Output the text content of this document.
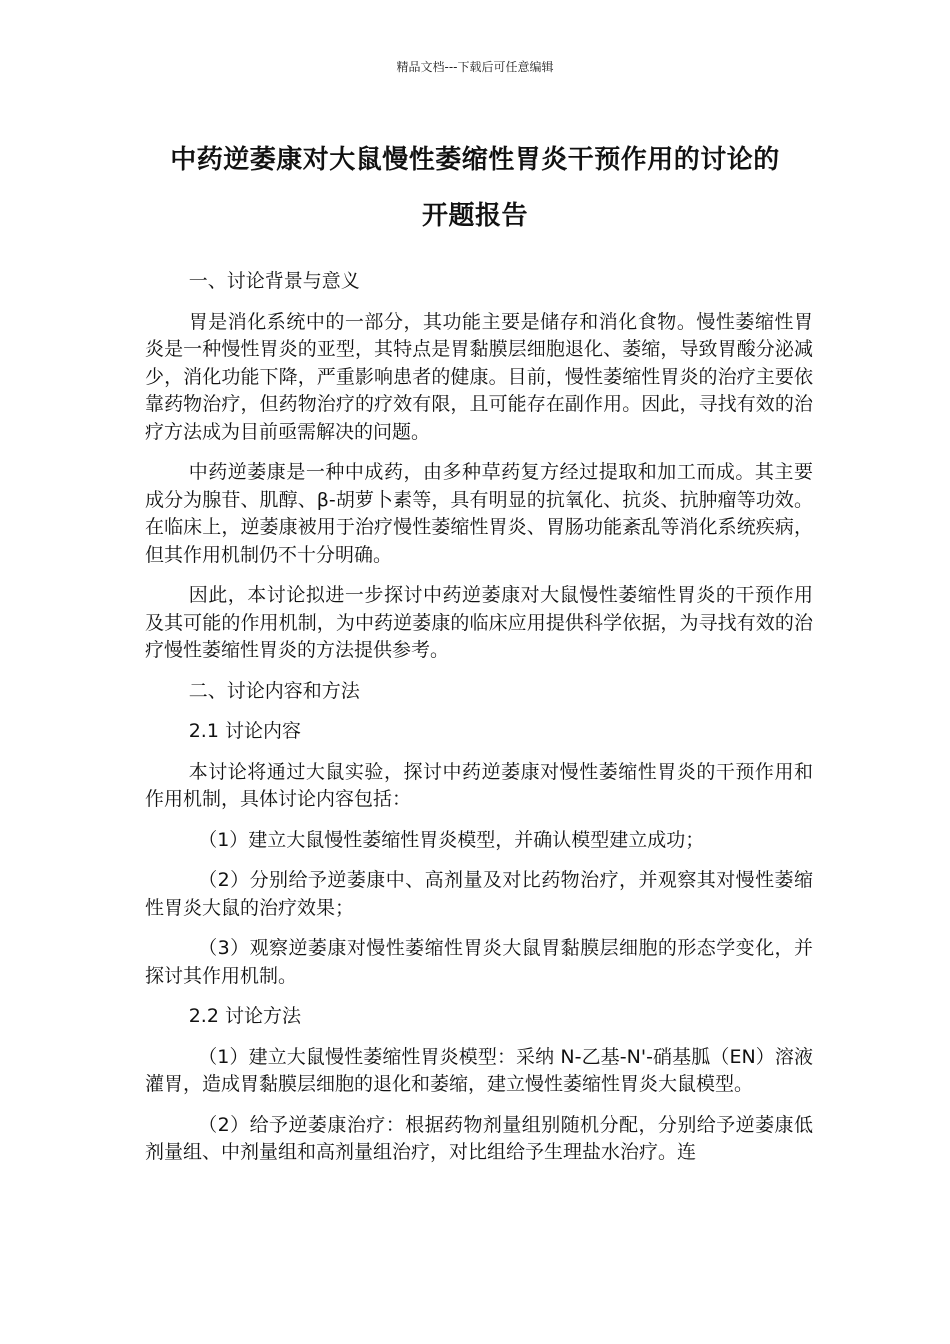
精品文档---下载后可任意编辑
中药逆萎康对大鼠慢性萎缩性胃炎干预作用的讨论的
开题报告

一、讨论背景与意义

胃是消化系统中的一部分，其功能主要是储存和消化食物。慢性萎缩性胃炎是一种慢性胃炎的亚型，其特点是胃黏膜层细胞退化、萎缩，导致胃酸分泌减少，消化功能下降，严重影响患者的健康。目前，慢性萎缩性胃炎的治疗主要依靠药物治疗，但药物治疗的疗效有限，且可能存在副作用。因此，寻找有效的治疗方法成为目前亟需解决的问题。

中药逆萎康是一种中成药，由多种草药复方经过提取和加工而成。其主要成分为腺苷、肌醇、β-胡萝卜素等，具有明显的抗氧化、抗炎、抗肿瘤等功效。在临床上，逆萎康被用于治疗慢性萎缩性胃炎、胃肠功能紊乱等消化系统疾病，但其作用机制仍不十分明确。

因此，本讨论拟进一步探讨中药逆萎康对大鼠慢性萎缩性胃炎的干预作用及其可能的作用机制，为中药逆萎康的临床应用提供科学依据，为寻找有效的治疗慢性萎缩性胃炎的方法提供参考。

二、讨论内容和方法

2.1 讨论内容

本讨论将通过大鼠实验，探讨中药逆萎康对慢性萎缩性胃炎的干预作用和作用机制，具体讨论内容包括：

（1）建立大鼠慢性萎缩性胃炎模型，并确认模型建立成功；

（2）分别给予逆萎康中、高剂量及对比药物治疗，并观察其对慢性萎缩性胃炎大鼠的治疗效果；

（3）观察逆萎康对慢性萎缩性胃炎大鼠胃黏膜层细胞的形态学变化，并探讨其作用机制。

2.2 讨论方法

（1）建立大鼠慢性萎缩性胃炎模型：采纳 N-乙基-N'-硝基胍（EN）溶液灌胃，造成胃黏膜层细胞的退化和萎缩，建立慢性萎缩性胃炎大鼠模型。

（2）给予逆萎康治疗：根据药物剂量组别随机分配，分别给予逆萎康低剂量组、中剂量组和高剂量组治疗，对比组给予生理盐水治疗。连
